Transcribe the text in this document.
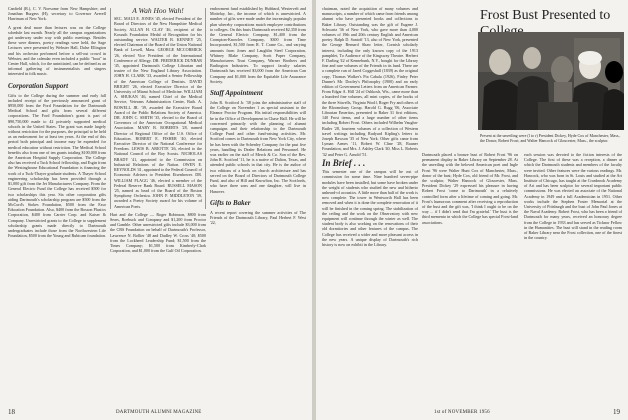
Canfield (R.), C. V. Noesome from New Hampshire; and Jonathan Burgess (H), secretary to Governor Averell Harriman of New York.

A great deal more than lectures was on the College schedule last month. Nearly all the campus organizations got underway under way with public meetings. Besides these were dinners, poetry readings were held, the Sage Lectures were presented by Webster Hall, Dalse Ellington and his orchestra performed before a sell-out crowd in Webster, and the calendar even included a public "boat" in Center Hall, which, for the uninitiated, can be defined as an informal gathering of instrumentalists and singers interested in folk music.

Corporation Support

Gifts to the College during the summer and early fall included receipt of the previously announced grant of $950,000 from the Ford Foundation for the Dartmouth Medical School and gifts from several different corporations. The Ford Foundation's grant is part of $90,750,000 made to 42 privately supported medical schools in the United States. The grant was made largely without restriction for the purposes, the principal to be held as an endowment for at least ten years. At the end of this period both principal and income may be expended for medical education without restriction. The Medical School benefits also from one of ten grants totaling $100,000 from the American Hospital Supply Corporation. The College also has received a Tuck School fellowship, and Esgin from the Westinghouse Educational Foundation is financing the work of a Tuck-Thayer graduate students. A Thayer School engineering scholarship has been provided through a $1,000 gift from the Jet Manufacturers Company. From the General Electric Fund the College has received $500 for two scholarships this year. Six other corporation gifts aiding Dartmouth's scholarship program are $500 from the McCord's Stokes Foundation, $500 from the Esso Education Foundation. Also, $400 from the Bosson Plastics Corporation, $400 from Carrier Corp. and Kaiser & Company. Unrestricted grants to the College to supplement scholarship grants made directly to Dartmouth undergraduates include those from the Northwestern Life Foundation, $500 from the Young and Rubicam foundation.

A Wah Hoo Wah!

SEC. MAUI E. JONES '45, elected President of the Board of Directors of the New Hampshire Medical Society. ALLAN H. CLAY '46, recipient of the Kossuth Foundation Medal of Recognition for his outstanding service. WALTER B. KENNEY '25, elected Chairman of the Board of the Union National Bank of Lowell, Mass. GEORGE MCCORMICK '26, elected Vice President of the International Conference of Allergy. DR. FREDERICK DUNBAR '45, appointed Dartmouth College Librarian and trustee of the New England Library Association. JOHN H. CLARK '33, awarded a Senior Fellowship of the American College of Dentists. DAVID BRIGHT '26, elected Executive Director of the University of Miami School of Medicine. WILLIAM A. SHUKAN '46, named Chief of the Medical Service, Veterans Administration Center, Bath. A. BOWELL JR. '39, awarded the Executive Board Award of the Public Relations Society of America. DR. JOHN C. SMITH '35, elected to the Board of Governors of the American Occupational Medical Association. MARY B. ROBERTS '28, named Director of Regional Office of the U.S. Office of Education. ROBERT E. FISHER '40, elected Executive Director of the National Conference for Freedom. LEWIS B. ARIOTTE '26, elected to the National Council of the Boy Scouts. NICHOLAS BRADY '41, appointed to the Commission on Industrial Relations of the Nation. OWEN E. REYNOLDS '41, appointed to the Federal Council of Economic Advisers to President Eisenhower. DR. WILLIAM FLAGG '46, elected a member of the Federal Reserve Bank Board. RUSSELL MASON '25, named as head of the Board of the Boston Symphony Orchestra. JOHN P. MIDDLETON '39, awarded a Poetry Society award for his volume of American Poets.

Hart and the College — Roger Robinson, $800 from Sears, Roebuck and Company and $1,200 from Proctor and Gamble. Other unrestricted gifts include $3,000 from the CBS Foundation on behalf of Dartmouth's Professor, Lawrence N. Bollier '48 and Dudley W. Cross '40; $500 from the Lockheed Leadership Fund; $1,500 from the Times Company; $1,500 from Kimberly-Clark Corporation, and $1,000 from the Gulf Oil Corporation.

endowment fund established by Hubbard, Westervelt and Mottelay, Inc., the income of which is unrestricted. A number of gifts were made under the increasingly popular plan whereby corporations match employee contributions to colleges. On this basis Dartmouth received $2,350 from the General Electric Company, $1,400 from the Crompton-Knowles Company, $300 from Time Incorporated, $1,500 from R. T. Crane Co., and varying amounts from Jones and Laughlin Steel Corporation, Whitney Blake Company, Scott Paper Company, Manufacturers Trust Company, Warner Brothers and Burlington Industries. To support faculty salaries Dartmouth has received $3,000 from the American Can Company and $1,000 from the Equitable Life Assurance Society.

Staff Appointment

John R. Scotford Jr. '38 joins the administrative staff of the College on November 1 as special assistant to the Eleanor Proctor Program. His initial responsibilities will be in the Office of Development in Chase Hall. He will be concerned primarily with the planning of alumni campaigns and their relationship to the Dartmouth College Fund and other fund-raising activities. Mr. Scotford comes to Dartmouth from New York City, where he has been with the Schenley Company for the past five years, handling its Dealer Relations and Personnel. He was earlier on the staff of Merck & Co. Son of the Rev. John R. Scotford '11, he is a native of Dalton, Texas, and attended public schools in that city. He is the author of two editions of a book on church architecture and has served on the Board of Directors of Dartmouth College Fund, and also of Hill and Knowlton, Inc. The Scotfords, who have three sons and one daughter, will live in Hanover.

Gifts to Baker

A recent report covering the summer activities of The Friends of the Dartmouth Library, Paul Herbert F. West '22,

18	DARTMOUTH ALUMNI MAGAZINE

chairman, noted the acquisition of many volumes and manuscripts, a number of which came from friends among alumni who have presented books and collections to Baker Library. Outstanding was the gift of Eugene J. Schwartz '36 of New York, who gave more than 4,000 volumes of 19th and 20th century English and American poetry. Ralph D. Santoff '13, also of New York, presented the George Bernard Shaw letter, Cornish scholarly interest, including the only known copy of the 1913 pamphlet, To Audience of the Kingsway Theatre. Herbert F. Darling '42 of Kennebunk, N.Y., bought for the Library fine and rare volumes of the Friends in its fund. There are a complete run of Jared Coggeshall (1839) as the original copy, Thomas Walker's Pia Cabala (1926), Finley Peter Dunne's Mr. Dooley's Philosophy (1900) and an early edition of Government Letters from an American Farmer. From Edgar A. Hill '24 of Oshkosh, Wis., came more than a hundred fine volumes, all mint copies, of the books of the three Sitwells, Virginia Woolf, Roger Fry and others of the Bloomsbury Group. Harold G. Rugg '06, Associate Librarian Emeritus, presented to Baker 31 first editions, 140 Frost items, and a large number of other items including Robert Frost. Others included Wilhelm Vaughn-Butler '28, fourteen volumes of a collection of Western travel writings including Rudyard Kipling's letters to Joseph Rawson '35 of New York. Other gifts came from Lyman Armes '11, Robert W. Cline '28, Rauner Foundation, and Mrs. J. Ashley Clark '40, Miss L. Roberts '32 and Peter G. Arnold '51.

In Brief . . .

This semester one of the campus will be out of commission for some time. Nine hundred seven-pipe modules have been installed, but some have broken under the weight of students who studied the new and hitherto unheard-of acoustics. A little more than half of the work is now complete. The tower in Wentworth Hall has been removed and when it is done the complete renovation of it will be finished in the coming spring. The stabilization of the ceiling and the work on the Observatory with new equipment will continue through the winter as well. The student body is also working on the renovations of their old dormitories and other features of the campus. The College has received a wider and more pleasant access in the new years. A unique display of Dartmouth's rich history is now on exhibit in the Library.

Frost Bust Presented to
Present at the unveiling were (l to r) President Dickey, Hyde Cox of Manchester, Mass., the Donor; Robert Frost; and Walter Hancock of Gloucester, Mass., the sculptor.

Dartmouth placed a bronze bust of Robert Frost '96 on permanent display in Baker Library on September 28. At the unveiling with the beloved American poet and Ingle Frost '96 were Walter Hunt Cox of Manchester, Mass., donor of the bust; Hyde Cox, old friend of Mr. Frost, and the sculptor, Walter Hancock of Gloucester, Mass. President Dickey '29 expressed his pleasure in having Robert Frost 'come to Dartmouth' in a relatively controlled form after a lifetime of coming and going. Mr. Frost's humorous comment after receiving a reproduction of the bust and the gift was, 'I think I ought to be on the way ... if I didn't send that I'm grateful.' The bust is the third memento in which the College has special Frost-land associations.

each session was devoted to the fiction interests of the College. The first of these was a reception, a dinner at which the Dartmouth students and members of the faculty were invited. Other features were the various readings. Mr. Hancock, who was born in St. Louis and studied at the Art Institute of Chicago, has taught at the Cranbrook Academy of Art and has been sculptor for several important public commissions. He was elected an associate of the National Academy in 1949 and a full Academician in 1951. Other works include the Stephen Foster Memorial at the University of Pittsburgh and the bust of John Paul Jones at the Naval Academy. Robert Frost, who has been a friend of Dartmouth for many years, received an honorary degree from the College in 1933 and has served as Ticknor Fellow in the Humanities. The bust will stand in the reading room of Baker Library near the Frost collection, one of the finest in the country.

1st of NOVEMBER 1956	19
